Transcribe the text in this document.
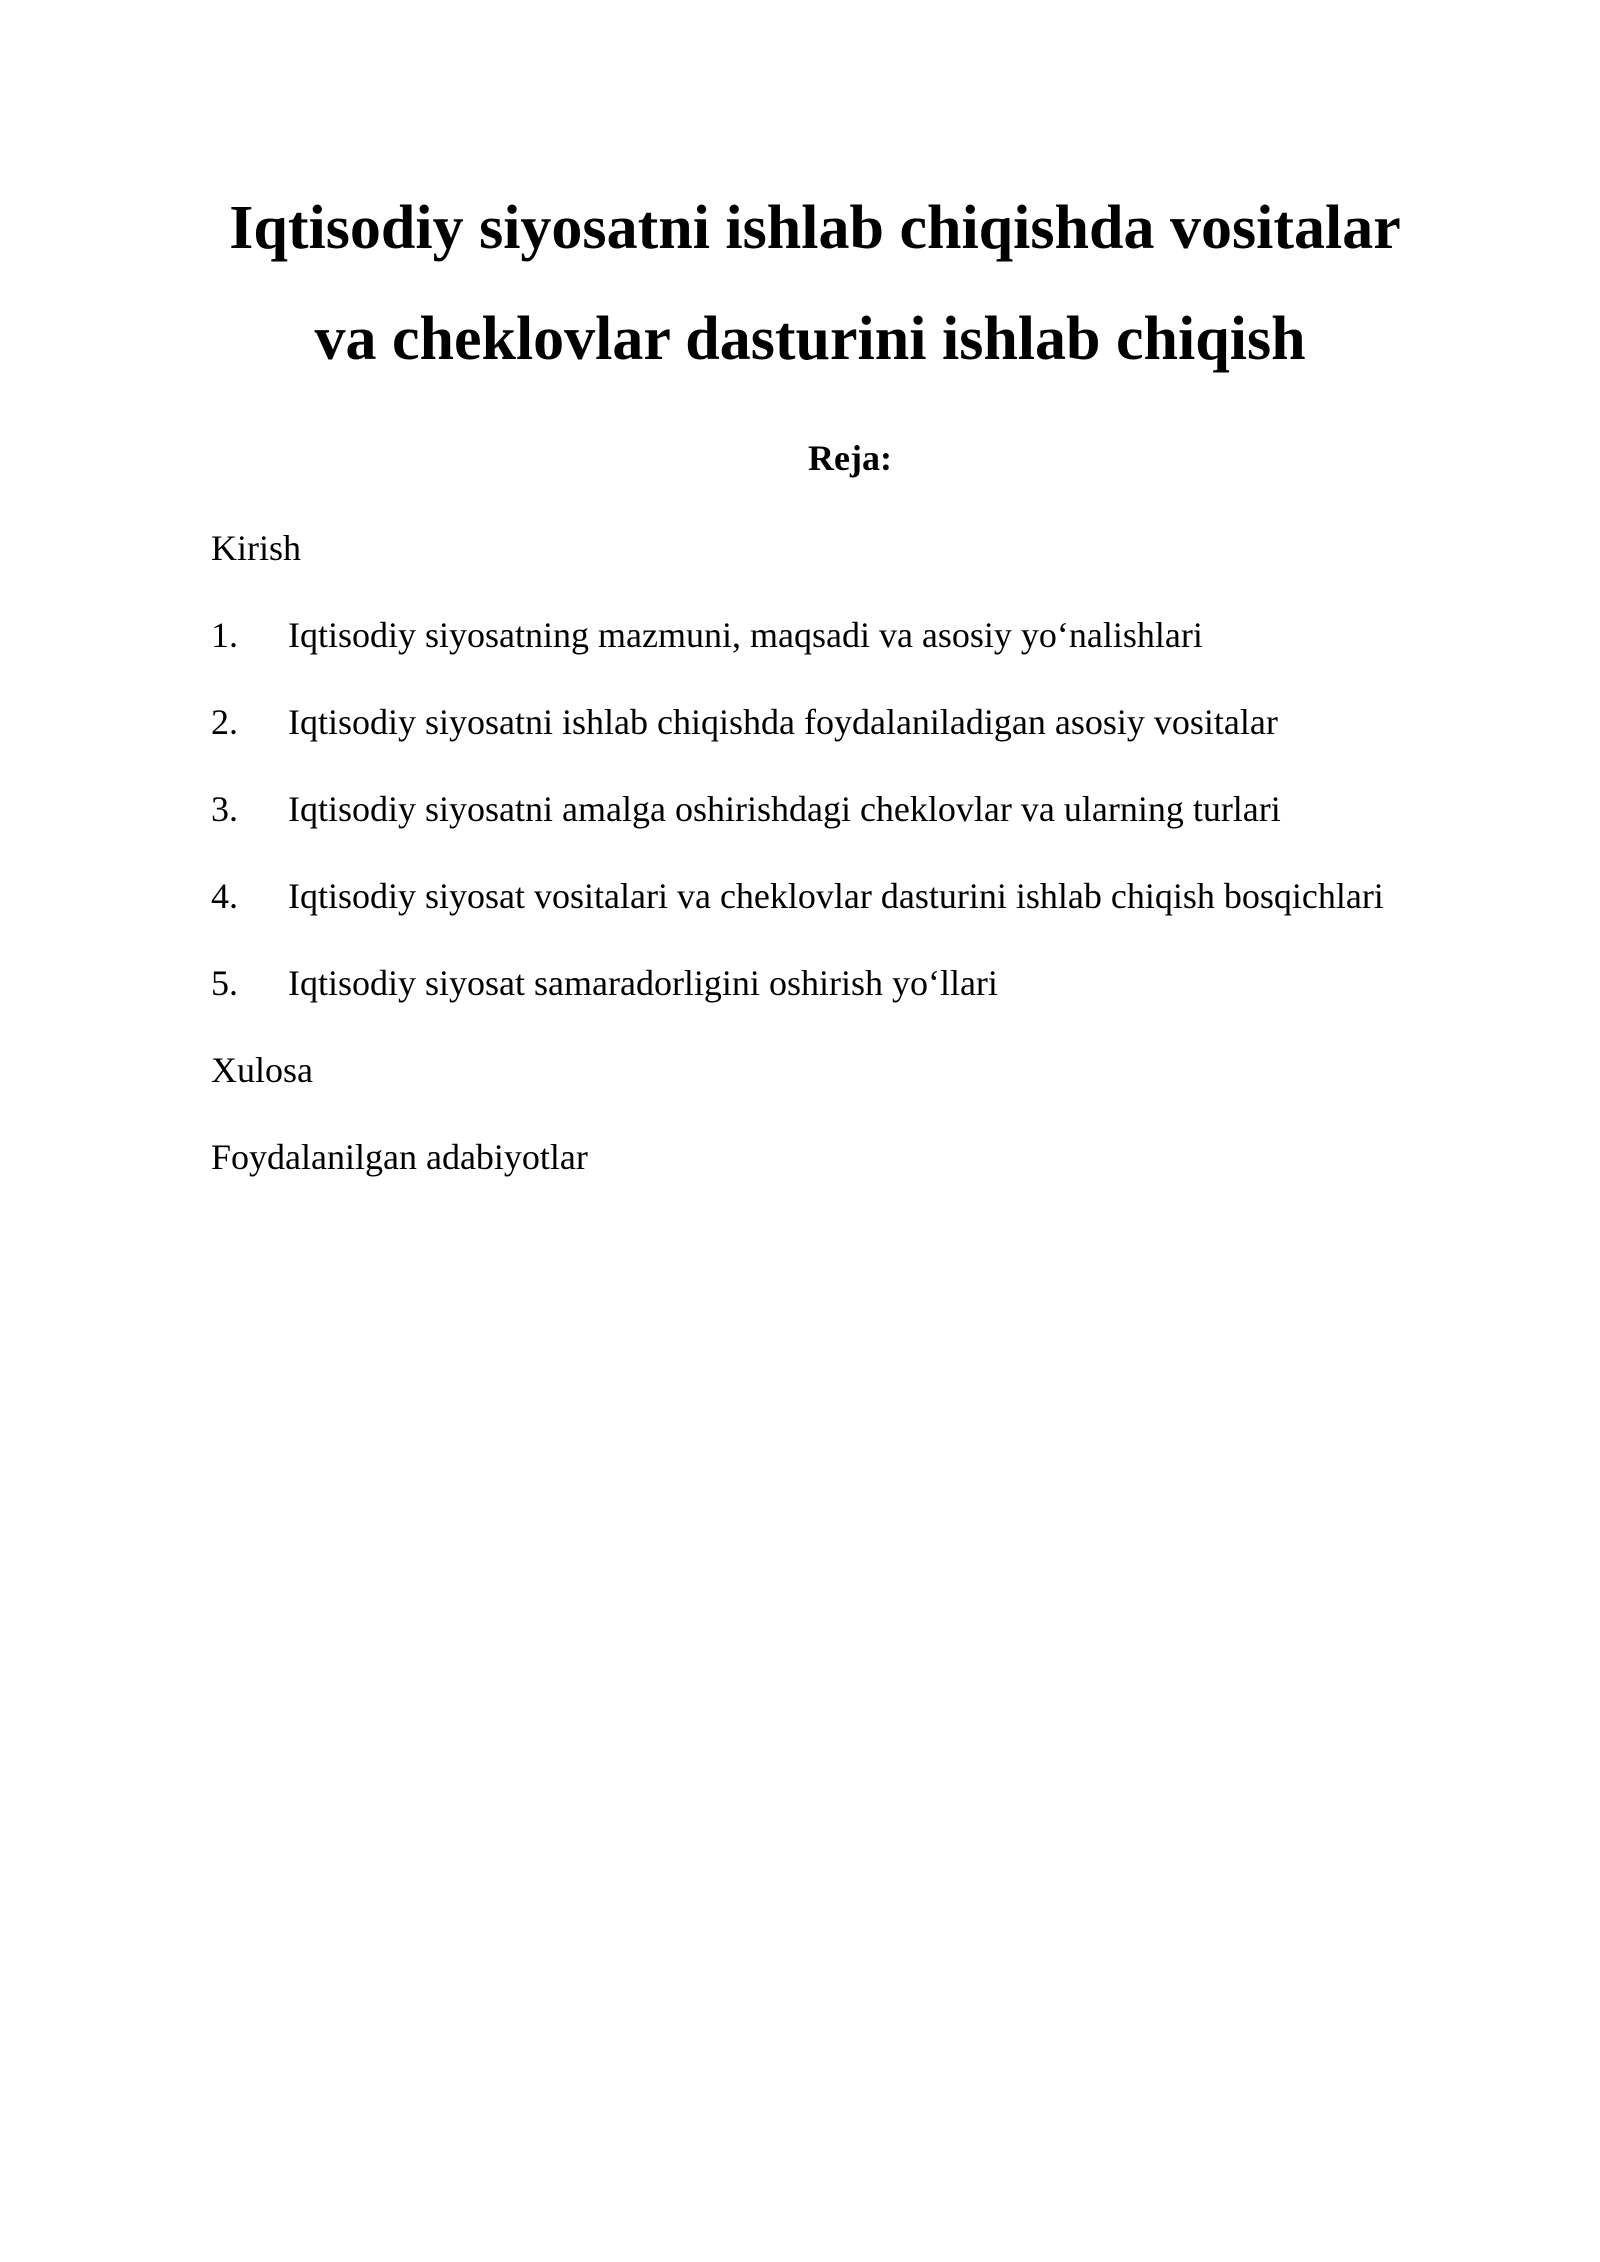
Iqtisodiy siyosatni ishlab chiqishda vositalar
va cheklovlar dasturini ishlab chiqish
Reja:
Kirish
1. Iqtisodiy siyosatning mazmuni, maqsadi va asosiy yo‘nalishlari
2. Iqtisodiy siyosatni ishlab chiqishda foydalaniladigan asosiy vositalar
3. Iqtisodiy siyosatni amalga oshirishdagi cheklovlar va ularning turlari
4. Iqtisodiy siyosat vositalari va cheklovlar dasturini ishlab chiqish bosqichlari
5. Iqtisodiy siyosat samaradorligini oshirish yo‘llari
Xulosa
Foydalanilgan adabiyotlar
